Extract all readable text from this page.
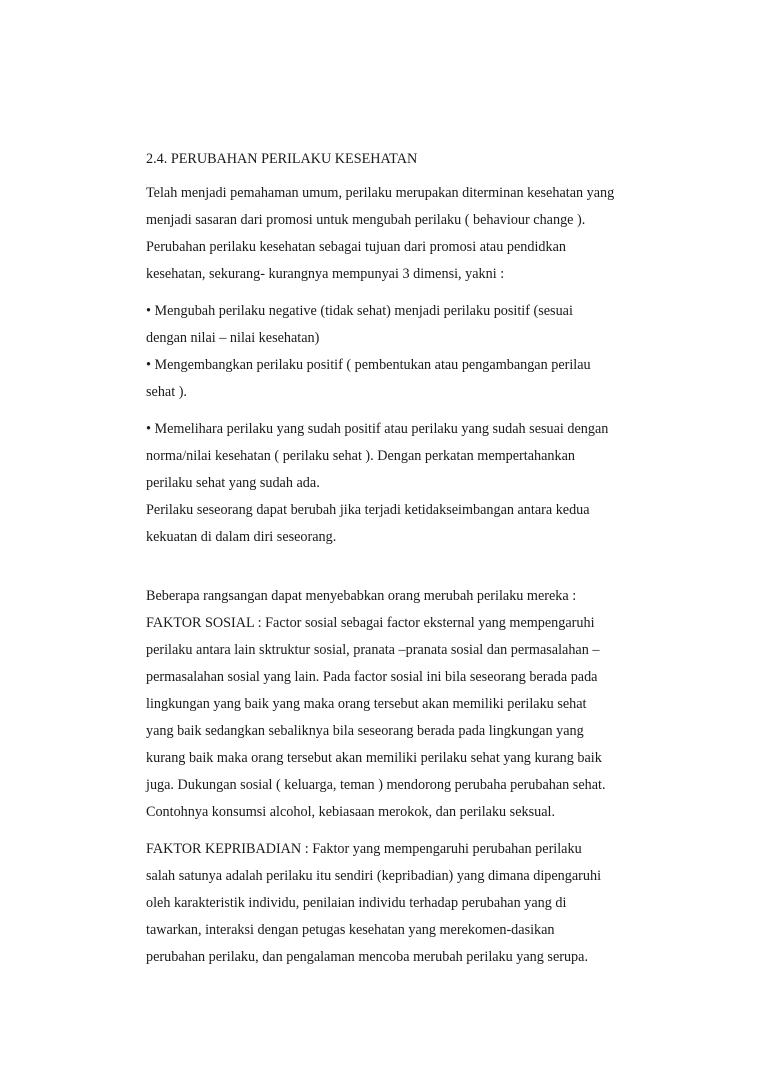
2.4. PERUBAHAN PERILAKU KESEHATAN
Telah menjadi pemahaman umum, perilaku merupakan diterminan kesehatan yang
menjadi sasaran dari promosi untuk mengubah perilaku ( behaviour change ).
Perubahan perilaku kesehatan sebagai tujuan dari promosi atau pendidkan
kesehatan, sekurang- kurangnya mempunyai 3 dimensi, yakni :
• Mengubah perilaku negative (tidak sehat) menjadi perilaku positif (sesuai
dengan nilai – nilai kesehatan)
• Mengembangkan perilaku positif ( pembentukan atau pengambangan perilau
sehat ).
• Memelihara perilaku yang sudah positif atau perilaku yang sudah sesuai dengan
norma/nilai kesehatan ( perilaku sehat ). Dengan perkatan mempertahankan
perilaku sehat yang sudah ada.
Perilaku seseorang dapat berubah jika terjadi ketidakseimbangan antara kedua
kekuatan di dalam diri seseorang.
Beberapa rangsangan dapat menyebabkan orang merubah perilaku mereka :
FAKTOR SOSIAL : Factor sosial sebagai factor eksternal yang mempengaruhi
perilaku antara lain sktruktur sosial, pranata –pranata sosial dan permasalahan –
permasalahan sosial yang lain. Pada factor sosial ini bila seseorang berada pada
lingkungan yang baik yang maka orang tersebut akan memiliki perilaku sehat
yang baik sedangkan sebaliknya bila seseorang berada pada lingkungan yang
kurang baik maka orang tersebut akan memiliki perilaku sehat yang kurang baik
juga. Dukungan sosial ( keluarga, teman ) mendorong perubaha perubahan sehat.
Contohnya konsumsi alcohol, kebiasaan merokok, dan perilaku seksual.
FAKTOR KEPRIBADIAN : Faktor yang mempengaruhi perubahan perilaku
salah satunya adalah perilaku itu sendiri (kepribadian) yang dimana dipengaruhi
oleh karakteristik individu, penilaian individu terhadap perubahan yang di
tawarkan, interaksi dengan petugas kesehatan yang merekomen-dasikan
perubahan perilaku, dan pengalaman mencoba merubah perilaku yang serupa.
